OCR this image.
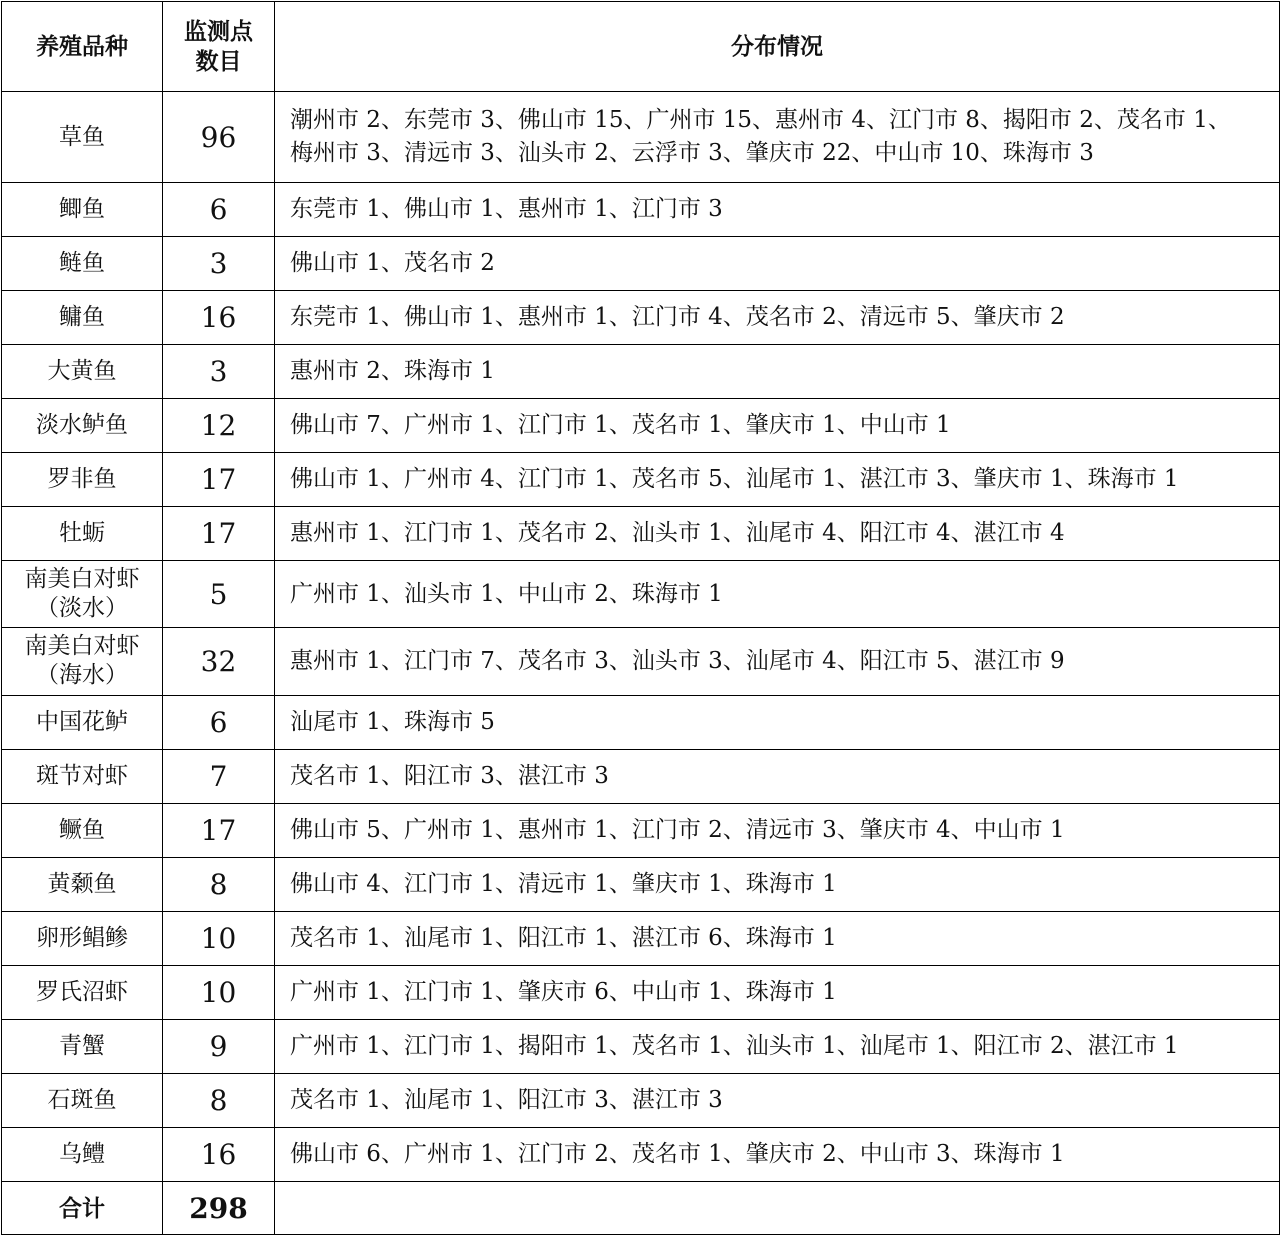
养殖品种	监测点数目	分布情况

草鱼	96	潮州市 2、东莞市 3、佛山市 15、广州市 15、惠州市 4、江门市 8、揭阳市 2、茂名市 1、
梅州市 3、清远市 3、汕头市 2、云浮市 3、肇庆市 22、中山市 10、珠海市 3

鲫鱼	6	东莞市 1、佛山市 1、惠州市 1、江门市 3

鲢鱼	3	佛山市 1、茂名市 2

鳙鱼	16	东莞市 1、佛山市 1、惠州市 1、江门市 4、茂名市 2、清远市 5、肇庆市 2

大黄鱼	3	惠州市 2、珠海市 1

淡水鲈鱼	12	佛山市 7、广州市 1、江门市 1、茂名市 1、肇庆市 1、中山市 1

罗非鱼	17	佛山市 1、广州市 4、江门市 1、茂名市 5、汕尾市 1、湛江市 3、肇庆市 1、珠海市 1

牡蛎	17	惠州市 1、江门市 1、茂名市 2、汕头市 1、汕尾市 4、阳江市 4、湛江市 4

南美白对虾（淡水）	5	广州市 1、汕头市 1、中山市 2、珠海市 1

南美白对虾（海水）	32	惠州市 1、江门市 7、茂名市 3、汕头市 3、汕尾市 4、阳江市 5、湛江市 9

中国花鲈	6	汕尾市 1、珠海市 5

斑节对虾	7	茂名市 1、阳江市 3、湛江市 3

鳜鱼	17	佛山市 5、广州市 1、惠州市 1、江门市 2、清远市 3、肇庆市 4、中山市 1

黄颡鱼	8	佛山市 4、江门市 1、清远市 1、肇庆市 1、珠海市 1

卵形鲳鲹	10	茂名市 1、汕尾市 1、阳江市 1、湛江市 6、珠海市 1

罗氏沼虾	10	广州市 1、江门市 1、肇庆市 6、中山市 1、珠海市 1

青蟹	9	广州市 1、江门市 1、揭阳市 1、茂名市 1、汕头市 1、汕尾市 1、阳江市 2、湛江市 1

石斑鱼	8	茂名市 1、汕尾市 1、阳江市 3、湛江市 3

乌鳢	16	佛山市 6、广州市 1、江门市 2、茂名市 1、肇庆市 2、中山市 3、珠海市 1

合计	298	
